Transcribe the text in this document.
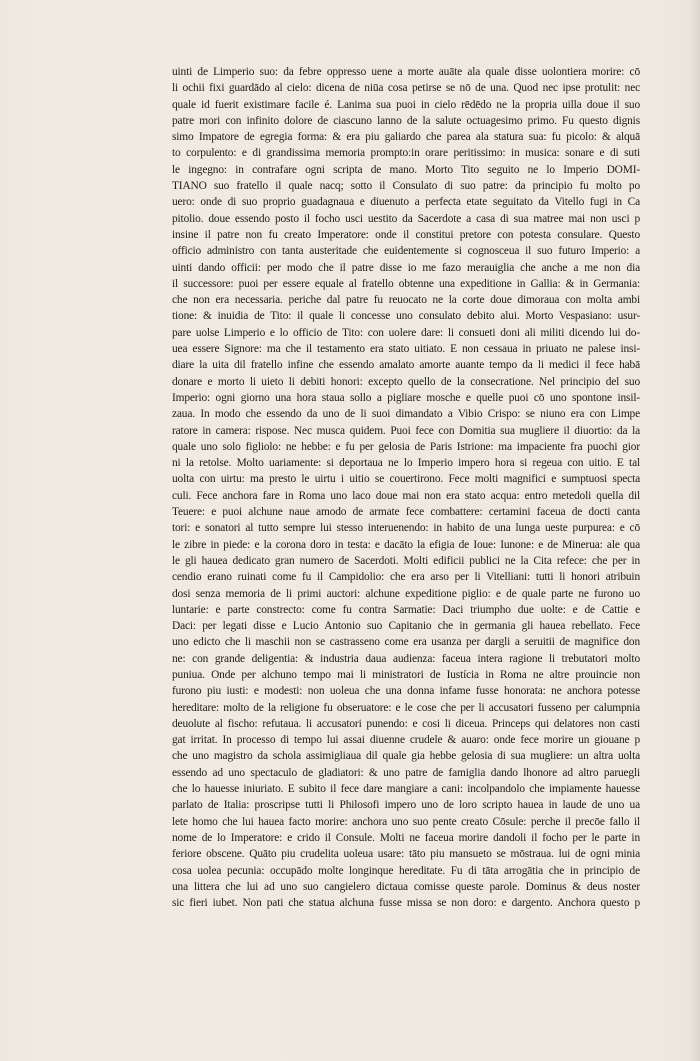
uinti de Limperio suo: da febre oppresso uene a morte auāte ala quale disse uolontiera morire: cō
li ochii fixi guardādo al cielo: dicena de niūa cosa petirse se nō de una. Quod nec ipse protulit: nec
quale id fuerit existimare facile é. Lanima sua puoi in cielo rēdēdo ne la propria uilla doue il suo
patre mori con infinito dolore de ciascuno lanno de la salute octuagesimo primo. Fu questo dignis
simo Impatore de egregia forma: & era piu galiardo che parea ala statura sua: fu picolo: & alquā
to corpulento: e di grandissima memoria promptoːin orare peritissimo: in musica: sonare e di suti
le ingegno: in contrafare ogni scripta de mano. Morto Tito seguito ne lo Imperio DOMI-
TIANO suo fratello il quale nacq; sotto il Consulato di suo patre: da principio fu molto po
uero: onde di suo proprio guadagnaua e diuenuto a perfecta etate seguitato da Vitello fugi in Ca
pitolio. doue essendo posto il focho usci uestito da Sacerdote a casa di sua matree mai non usci p
insine il patre non fu creato Imperatore: onde il constitui pretore con potesta consulare. Questo
officio administro con tanta austeritade che euidentemente si cognosceua il suo futuro Imperio: a
uinti dando officii: per modo che il patre disse io me fazo merauiglia che anche a me non dia
il successore: puoi per essere equale al fratello obtenne una expeditione in Gallia: & in Germania:
che non era necessaria. periche dal patre fu reuocato ne la corte doue dimoraua con molta ambi
tione: & inuidia de Tito: il quale li concesse uno consulato debito alui. Morto Vespasiano: usur-
pare uolse Limperio e lo officio de Tito: con uolere dare: li consueti doni ali militi dicendo lui do-
uea essere Signore: ma che il testamento era stato uitiato. E non cessaua in priuato ne palese insi-
diare la uita dil fratello infine che essendo amalato amorte auante tempo da li medici il fece habā
donare e morto li uieto li debiti honori: excepto quello de la consecratione. Nel principio del suo
Imperio: ogni giorno una hora staua sollo a pigliare mosche e quelle puoi cō uno spontone insil-
zaua. In modo che essendo da uno de li suoi dimandato a Vibio Crispo: se niuno era con Limpe
ratore in camera: rispose. Nec musca quidem. Puoi fece con Domitia sua mugliere il diuortio: da la
quale uno solo figliolo: ne hebbe: e fu per gelosia de Paris Istrione: ma impaciente fra puochi gior
ni la retolse. Molto uariamente: si deportaua ne lo Imperio impero hora si regeua con uitio. E tal
uolta con uirtu: ma presto le uirtu i uitio se couertirono. Fece molti magnifici e sumptuosi specta
culi. Fece anchora fare in Roma uno laco doue mai non era stato acqua: entro metedoli quella dil
Teuere: e puoi alchune naue amodo de armate fece combattere: certamini faceua de docti canta
tori: e sonatori al tutto sempre lui stesso interuenendo: in habito de una lunga ueste purpurea: e cō
le zibre in piede: e la corona doro in testa: e dacāto la efigia de Ioue: Iunone: e de Minerua: ale qua
le gli hauea dedicato gran numero de Sacerdoti. Molti edificii publici ne la Cita refece: che per in
cendio erano ruinati come fu il Campidolio: che era arso per li Vitelliani: tutti li honori atribuin
dosi senza memoria de li primi auctori: alchune expeditione piglio: e de quale parte ne furono uo
luntarie: e parte constrecto: come fu contra Sarmatie: Daci triumpho due uolte: e de Cattie e
Daci: per legati disse e Lucio Antonio suo Capitanio che in germania gli hauea rebellato. Fece
uno edicto che li maschii non se castrasseno come era usanza per dargli a seruitii de magnifice don
ne: con grande deligentia: & industria daua audienza: faceua intera ragione li trebutatori molto
puniua. Onde per alchuno tempo mai li ministratori de Iustícia in Roma ne altre prouincie non
furono piu iusti: e modesti: non uoleua che una donna infame fusse honorata: ne anchora potesse
hereditare: molto de la religione fu obseruatore: e le cose che per li accusatori fusseno per calumpnia
deuolute al fischo: refutaua. li accusatori punendo: e cosi li diceua. Princeps qui delatores non casti
gat irritat. In processo di tempo lui assai diuenne crudele & auaro: onde fece morire un giouane p
che uno magistro da schola assimigliaua dil quale gia hebbe gelosia di sua mugliere: un altra uolta
essendo ad uno spectaculo de gladiatori: & uno patre de famiglia dando lhonore ad altro paruegli
che lo hauesse iniuriato. E subito il fece dare mangiare a cani: incolpandolo che impiamente hauesse
parlato de Italia: proscripse tutti li Philosofi impero uno de loro scripto hauea in laude de uno ua
lete homo che lui hauea facto morire: anchora uno suo pente creato Cōsule: perche il precōe fallo il
nome de lo Imperatore: e crido il Consule. Molti ne faceua morire dandoli il focho per le parte in
feriore obscene. Quāto piu crudelita uoleua usare: tāto piu mansueto se mōstraua. lui de ogni minia
cosa uolea pecunia: occupādo molte longinque hereditate. Fu di tāta arrogātia che in principio de
una littera che lui ad uno suo cangielero dictaua comisse queste parole. Dominus & deus noster
sic fieri iubet. Non pati che statua alchuna fusse missa se non doro: e dargento. Anchora questo p
